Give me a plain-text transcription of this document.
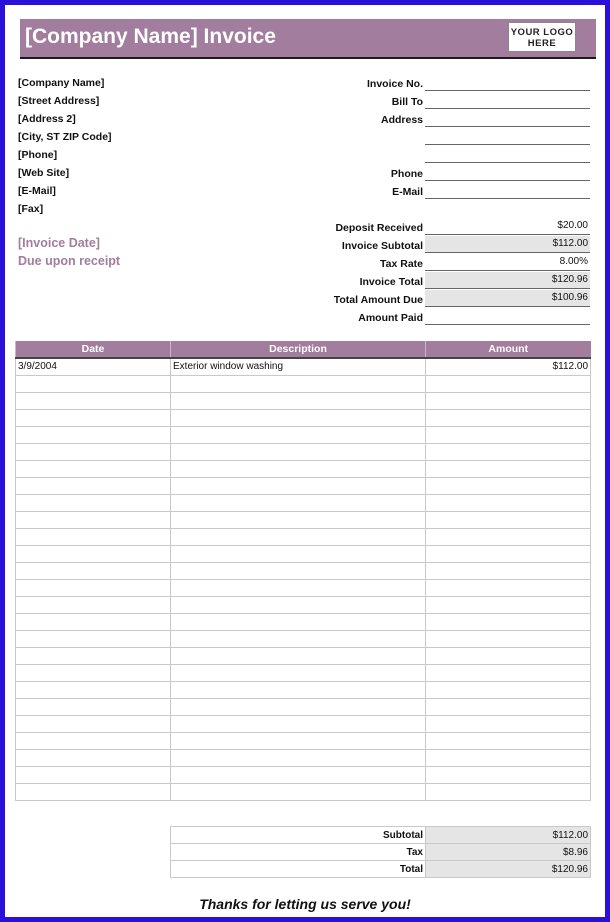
[Company Name] Invoice	YOUR LOGO HERE
[Company Name]
[Street Address]
[Address 2]
[City, ST ZIP Code]
[Phone]
[Web Site]
[E-Mail]
[Fax]
Invoice No.
Bill To
Address
Phone
E-Mail
Deposit Received	$20.00
Invoice Subtotal	$112.00
Tax Rate	8.00%
Invoice Total	$120.96
Total Amount Due	$100.96
Amount Paid
[Invoice Date]
Due upon receipt
Date	Description	Amount
3/9/2004	Exterior window washing	$112.00

Subtotal	$112.00
Tax	$8.96
Total	$120.96
Thanks for letting us serve you!
